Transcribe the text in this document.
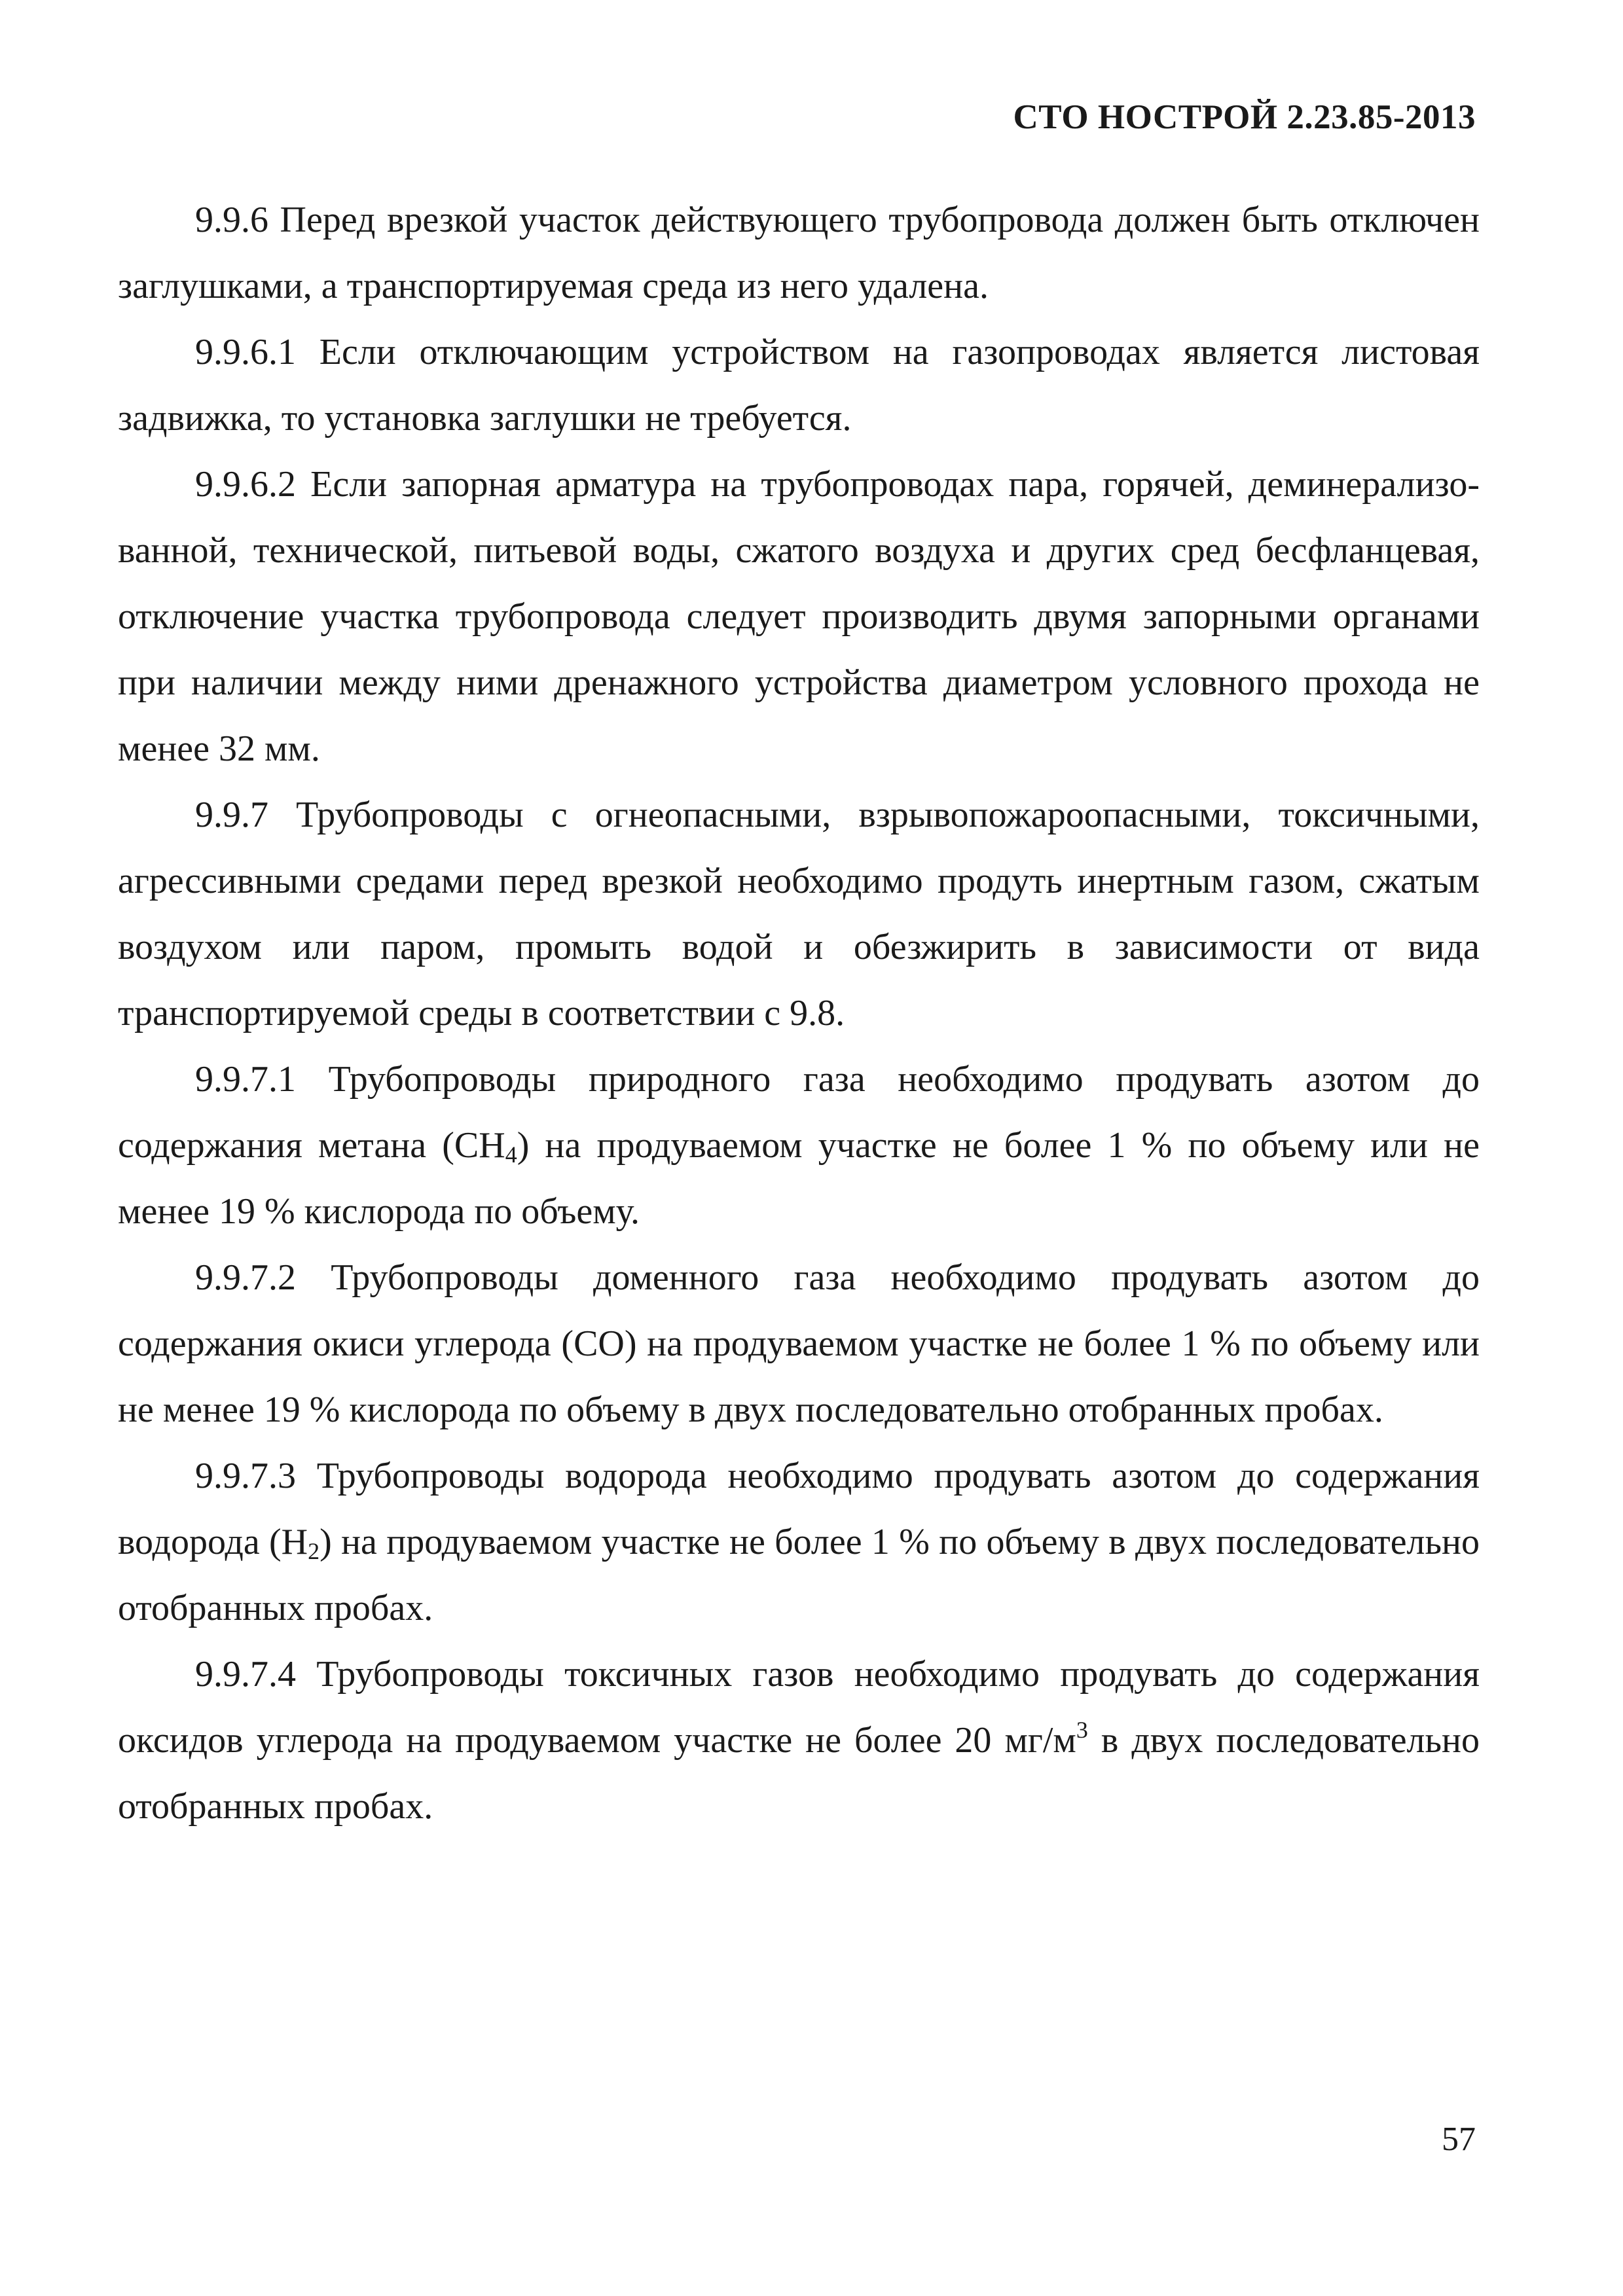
СТО НОСТРОЙ 2.23.85-2013

9.9.6 Перед врезкой участок действующего трубопровода должен быть отключен заглушками, а транспортируемая среда из него удалена.

9.9.6.1 Если отключающим устройством на газопроводах является листовая задвижка, то установка заглушки не требуется.

9.9.6.2 Если запорная арматура на трубопроводах пара, горячей, деминерализованной, технической, питьевой воды, сжатого воздуха и других сред бесфланцевая, отключение участка трубопровода следует производить двумя запорными органами при наличии между ними дренажного устройства диаметром условного прохода не менее 32 мм.

9.9.7 Трубопроводы с огнеопасными, взрывопожароопасными, токсичными, агрессивными средами перед врезкой необходимо продуть инертным газом, сжатым воздухом или паром, промыть водой и обезжирить в зависимости от вида транспортируемой среды в соответствии с 9.8.

9.9.7.1 Трубопроводы природного газа необходимо продувать азотом до содержания метана $(СН_4)$ на продуваемом участке не более 1 % по объему или не менее 19 % кислорода по объему.

9.9.7.2 Трубопроводы доменного газа необходимо продувать азотом до содержания окиси углерода (СО) на продуваемом участке не более 1 % по объему или не менее 19 % кислорода по объему в двух последовательно отобранных пробах.

9.9.7.3 Трубопроводы водорода необходимо продувать азотом до содержания водорода $(Н_2)$ на продуваемом участке не более 1 % по объему в двух последовательно отобранных пробах.

9.9.7.4 Трубопроводы токсичных газов необходимо продувать до содержания оксидов углерода на продуваемом участке не более 20 $мг/м^3$ в двух последовательно отобранных пробах.

57
